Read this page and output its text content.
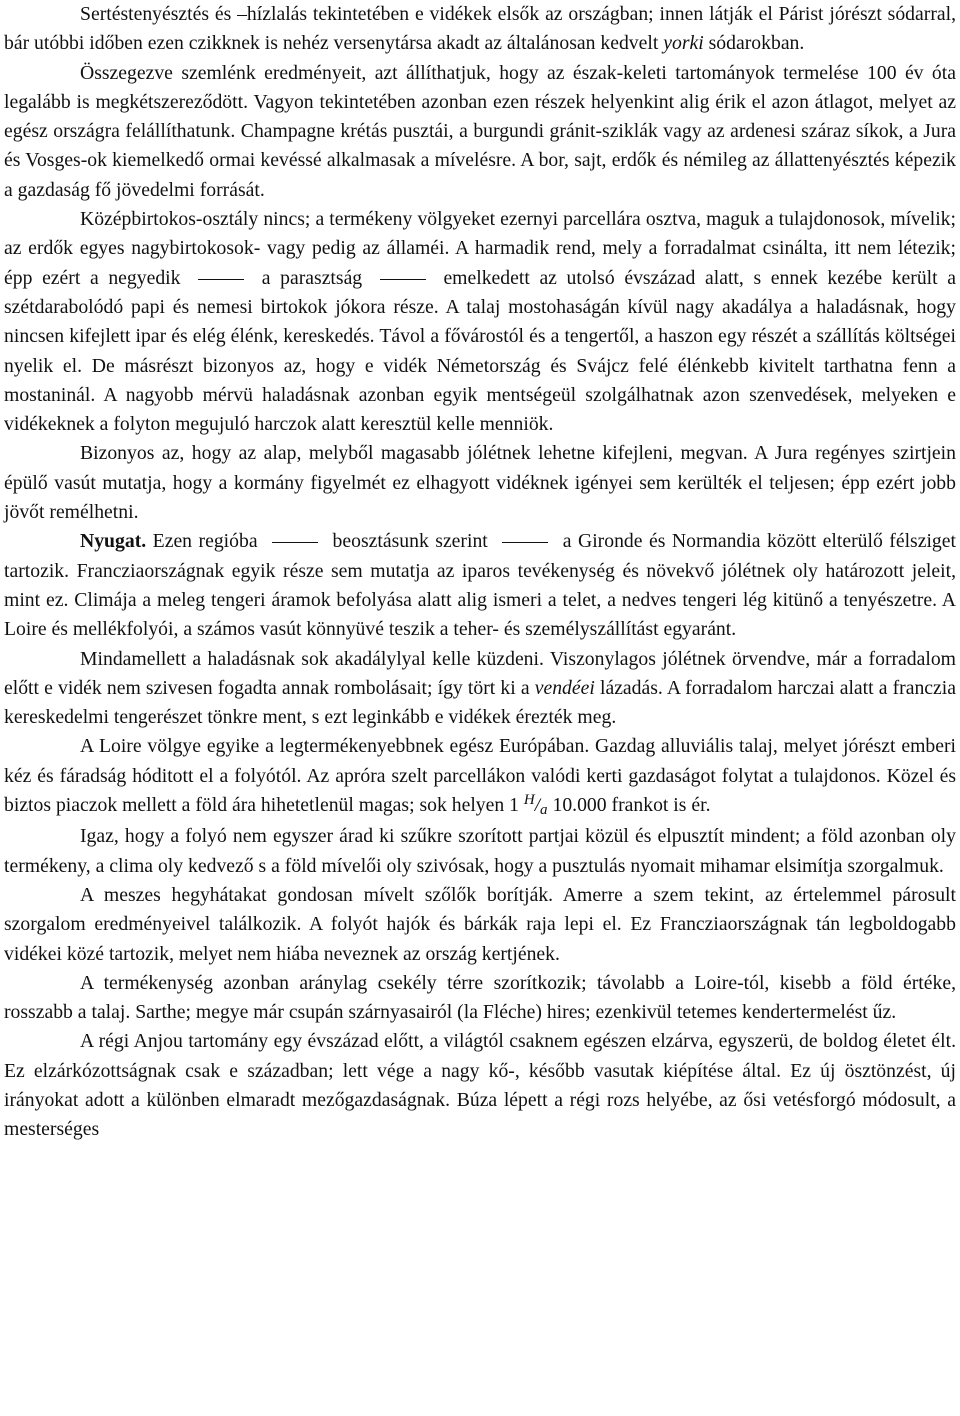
Sertéstenyésztés és –hízlalás tekintetében e vidékek elsők az országban; innen látják el Párist jórészt sódarral, bár utóbbi időben ezen czikknek is nehéz versenytársa akadt az általánosan kedvelt yorki sódarokban.

Összegezve szemlénk eredményeit, azt állíthatjuk, hogy az észak-keleti tartományok termelése 100 év óta legalább is megkétszereződött. Vagyon tekintetében azonban ezen részek helyenkint alig érik el azon átlagot, melyet az egész országra felállíthatunk. Champagne krétás pusztái, a burgundi gránit-sziklák vagy az ardenesi száraz síkok, a Jura és Vosges-ok kiemelkedő ormai kevéssé alkalmasak a mívelésre. A bor, sajt, erdők és némileg az állattenyésztés képezik a gazdaság fő jövedelmi forrását.

Középbirtokos-osztály nincs; a termékeny völgyeket ezernyi parcellára osztva, maguk a tulajdonosok, mívelik; az erdők egyes nagybirtokosok- vagy pedig az államéi. A harmadik rend, mely a forradalmat csinálta, itt nem létezik; épp ezért a negyedik	a parasztság	emelkedett az utolsó évszázad alatt, s ennek kezébe került a szétdarabolódó papi és nemesi birtokok jókora része. A talaj mostohaságán kívül nagy akadálya a haladásnak, hogy nincsen kifejlett ipar és elég élénk, kereskedés. Távol a fővárostól és a tengertől, a haszon egy részét a szállítás költségei nyelik el. De másrészt bizonyos az, hogy e vidék Németország és Svájcz felé élénkebb kivitelt tarthatna fenn a mostaninál. A nagyobb mérvü haladásnak azonban egyik mentségeül szolgálhatnak azon szenvedések, melyeken e vidékeknek a folyton megujuló harczok alatt keresztül kelle menniök.

Bizonyos az, hogy az alap, melyből magasabb jólétnek lehetne kifejleni, megvan. A Jura regényes szirtjein épülő vasút mutatja, hogy a kormány figyelmét ez elhagyott vidéknek igényei sem kerülték el teljesen; épp ezért jobb jövőt remélhetni.

Nyugat. Ezen regióba	beosztásunk szerint	a Gironde és Normandia között elterülő félsziget tartozik. Francziaországnak egyik része sem mutatja az iparos tevékenység és növekvő jólétnek oly határozott jeleit, mint ez. Climája a meleg tengeri áramok befolyása alatt alig ismeri a telet, a nedves tengeri lég kitünő a tenyészetre. A Loire és mellékfolyói, a számos vasút könnyüvé teszik a teher- és személyszállítást egyaránt.

Mindamellett a haladásnak sok akadálylyal kelle küzdeni. Viszonylagos jólétnek örvendve, már a forradalom előtt e vidék nem szivesen fogadta annak rombolásait; így tört ki a vendéei lázadás. A forradalom harczai alatt a franczia kereskedelmi tengerészet tönkre ment, s ezt leginkább e vidékek érezték meg.

A Loire völgye egyike a legtermékenyebbnek egész Európában. Gazdag alluviális talaj, melyet jórészt emberi kéz és fáradság hóditott el a folyótól. Az apróra szelt parcellákon valódi kerti gazdaságot folytat a tulajdonos. Közel és biztos piaczok mellett a föld ára hihetetlenül magas; sok helyen 1 H/a 10.000 frankot is ér.

Igaz, hogy a folyó nem egyszer árad ki szűkre szorított partjai közül és elpusztít mindent; a föld azonban oly termékeny, a clima oly kedvező s a föld mívelői oly szivósak, hogy a pusztulás nyomait mihamar elsimítja szorgalmuk.

A meszes hegyhátakat gondosan mívelt szőlők borítják. Amerre a szem tekint, az értelemmel párosult szorgalom eredményeivel találkozik. A folyót hajók és bárkák raja lepi el. Ez Francziaországnak tán legboldogabb vidékei közé tartozik, melyet nem hiába neveznek az ország kertjének.

A termékenység azonban aránylag csekély térre szorítkozik; távolabb a Loire-tól, kisebb a föld értéke, rosszabb a talaj. Sarthe; megye már csupán szárnyasairól (la Fléche) hires; ezenkivül tetemes kendertermelést űz.

A régi Anjou tartomány egy évszázad előtt, a világtól csaknem egészen elzárva, egyszerü, de boldog életet élt. Ez elzárkózottságnak csak e században; lett vége a nagy kő-, később vasutak kiépítése által. Ez új ösztönzést, új irányokat adott a különben elmaradt mezőgazdaságnak. Búza lépett a régi rozs helyébe, az ősi vetésforgó módosult, a mesterséges
